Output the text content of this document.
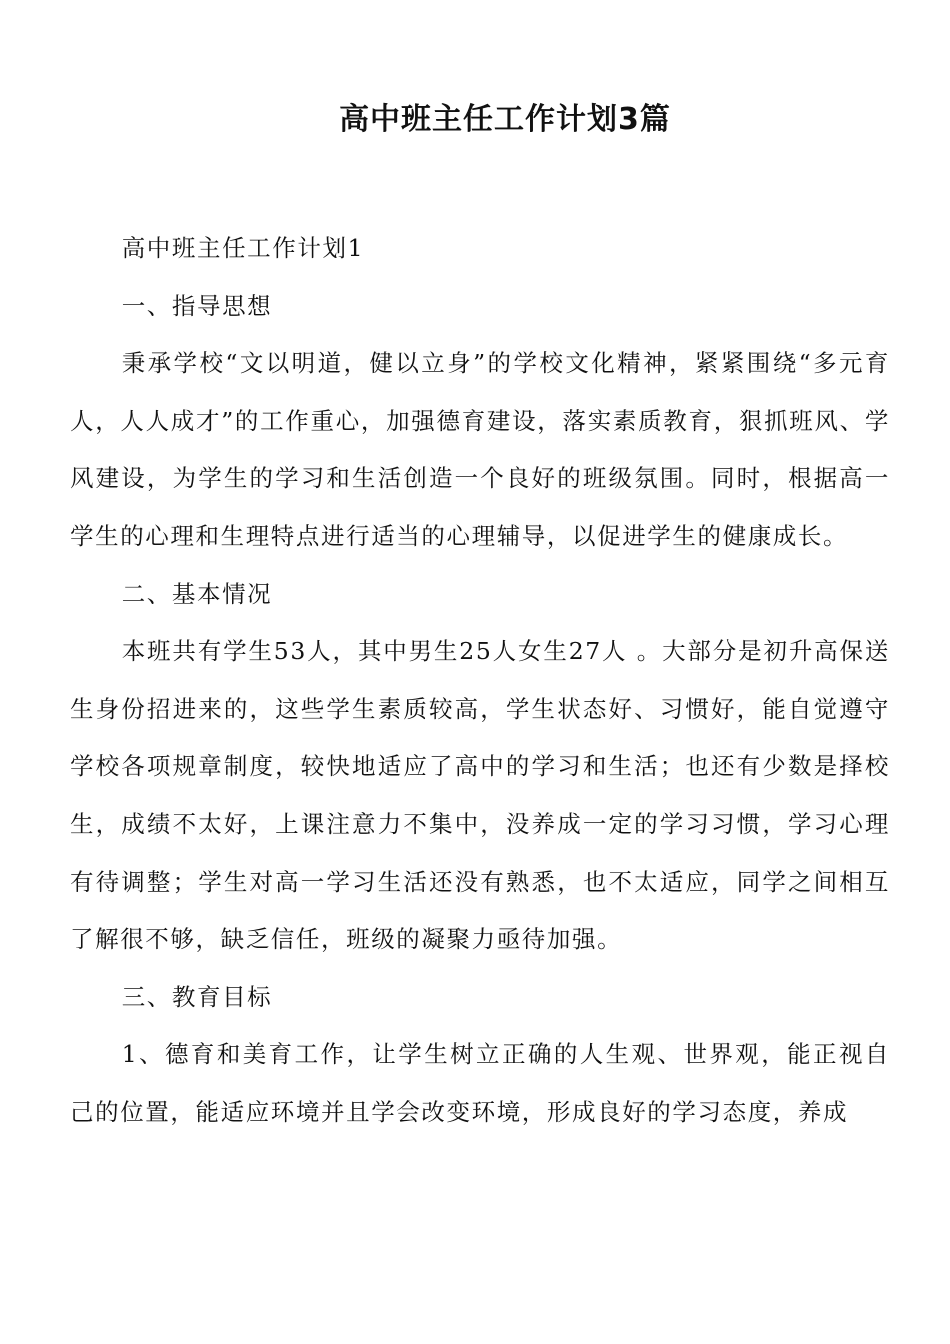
高中班主任工作计划3篇

高中班主任工作计划1

一、指导思想

秉承学校“文以明道，健以立身”的学校文化精神，紧紧围绕“多元育人，人人成才”的工作重心，加强德育建设，落实素质教育，狠抓班风、学风建设，为学生的学习和生活创造一个良好的班级氛围。同时，根据高一学生的心理和生理特点进行适当的心理辅导，以促进学生的健康成长。

二、基本情况

本班共有学生53人，其中男生25人女生27人 。大部分是初升高保送生身份招进来的，这些学生素质较高，学生状态好、习惯好，能自觉遵守学校各项规章制度，较快地适应了高中的学习和生活；也还有少数是择校生，成绩不太好，上课注意力不集中，没养成一定的学习习惯，学习心理有待调整；学生对高一学习生活还没有熟悉，也不太适应，同学之间相互了解很不够，缺乏信任，班级的凝聚力亟待加强。

三、教育目标

1、德育和美育工作，让学生树立正确的人生观、世界观，能正视自己的位置，能适应环境并且学会改变环境，形成良好的学习态度，养成
